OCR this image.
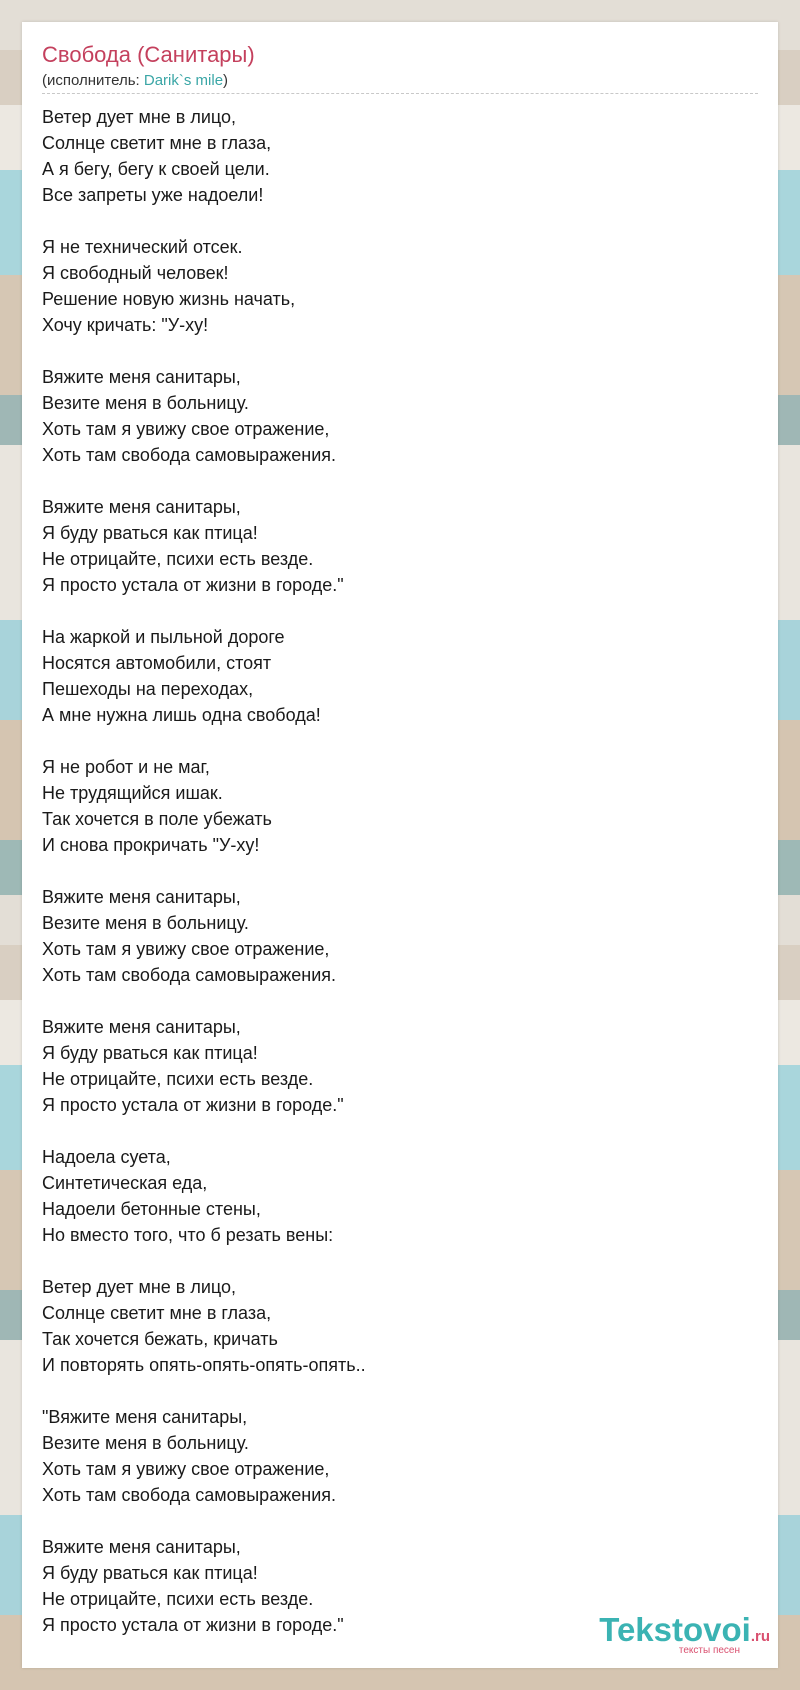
Свобода (Санитары)
(исполнитель: Darik`s mile)
Ветер дует мне в лицо,
Солнце светит мне в глаза,
А я бегу, бегу к своей цели.
Все запреты уже надоели!
Я не технический отсек.
Я свободный человек!
Решение новую жизнь начать,
Хочу кричать: "У-ху!
Вяжите меня санитары,
Везите меня в больницу.
Хоть там я увижу свое отражение,
Хоть там свобода самовыражения.
Вяжите меня санитары,
Я буду рваться как птица!
Не отрицайте, психи есть везде.
Я просто устала от жизни в городе."
На жаркой и пыльной дороге
Носятся автомобили, стоят
Пешеходы на переходах,
А мне нужна лишь одна свобода!
Я не робот и не маг,
Не трудящийся ишак.
Так хочется в поле убежать
И снова прокричать "У-ху!
Вяжите меня санитары,
Везите меня в больницу.
Хоть там я увижу свое отражение,
Хоть там свобода самовыражения.
Вяжите меня санитары,
Я буду рваться как птица!
Не отрицайте, психи есть везде.
Я просто устала от жизни в городе."
Надоела суета,
Синтетическая еда,
Надоели бетонные стены,
Но вместо того, что б резать вены:
Ветер дует мне в лицо,
Солнце светит мне в глаза,
Так хочется бежать, кричать
И повторять опять-опять-опять-опять..
"Вяжите меня санитары,
Везите меня в больницу.
Хоть там я увижу свое отражение,
Хоть там свобода самовыражения.
Вяжите меня санитары,
Я буду рваться как птица!
Не отрицайте, психи есть везде.
Я просто устала от жизни в городе."	Tekstovoi.ru
тексты песен
